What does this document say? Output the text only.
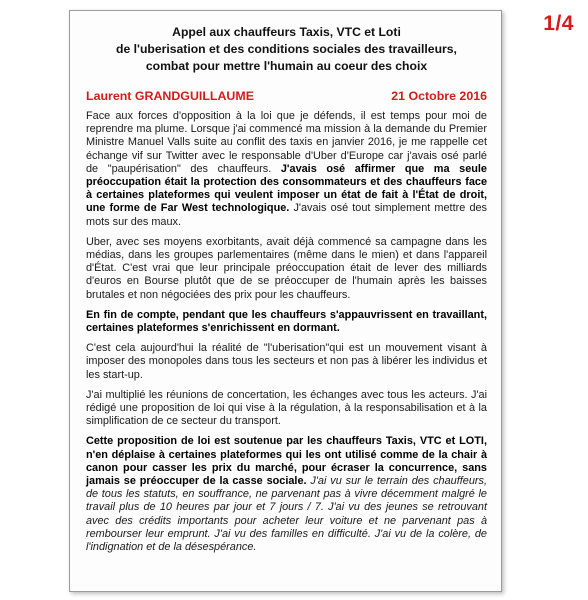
1/4
Appel aux chauffeurs Taxis, VTC et Loti
de l'uberisation et des conditions sociales des travailleurs,
combat pour mettre l'humain au coeur des choix
Laurent GRANDGUILLAUME	21 Octobre 2016

Face aux forces d'opposition à la loi que je défends, il est temps pour moi de reprendre ma plume. Lorsque j'ai commencé ma mission à la demande du Premier Ministre Manuel Valls suite au conflit des taxis en janvier 2016, je me rappelle cet échange vif sur Twitter avec le responsable d'Uber d'Europe car j'avais osé parlé de "paupérisation" des chauffeurs. J'avais osé affirmer que ma seule préoccupation était la protection des consommateurs et des chauffeurs face à certaines plateformes qui veulent imposer un état de fait à l'État de droit, une forme de Far West technologique. J'avais osé tout simplement mettre des mots sur des maux.

Uber, avec ses moyens exorbitants, avait déjà commencé sa campagne dans les médias, dans les groupes parlementaires (même dans le mien) et dans l'appareil d'État. C'est vrai que leur principale préoccupation était de lever des milliards d'euros en Bourse plutôt que de se préoccuper de l'humain après les baisses brutales et non négociées des prix pour les chauffeurs.

En fin de compte, pendant que les chauffeurs s'appauvrissent en travaillant, certaines plateformes s'enrichissent en dormant.

C'est cela aujourd'hui la réalité de "l'uberisation"qui est un mouvement visant à imposer des monopoles dans tous les secteurs et non pas à libérer les individus et les start-up.

J'ai multiplié les réunions de concertation, les échanges avec tous les acteurs. J'ai rédigé une proposition de loi qui vise à la régulation, à la responsabilisation et à la simplification de ce secteur du transport.

Cette proposition de loi est soutenue par les chauffeurs Taxis, VTC et LOTI, n'en déplaise à certaines plateformes qui les ont utilisé comme de la chair à canon pour casser les prix du marché, pour écraser la concurrence, sans jamais se préoccuper de la casse sociale. J'ai vu sur le terrain des chauffeurs, de tous les statuts, en souffrance, ne parvenant pas à vivre décemment malgré le travail plus de 10 heures par jour et 7 jours / 7. J'ai vu des jeunes se retrouvant avec des crédits importants pour acheter leur voiture et ne parvenant pas à rembourser leur emprunt. J'ai vu des familles en difficulté. J'ai vu de la colère, de l'indignation et de la désespérance.
